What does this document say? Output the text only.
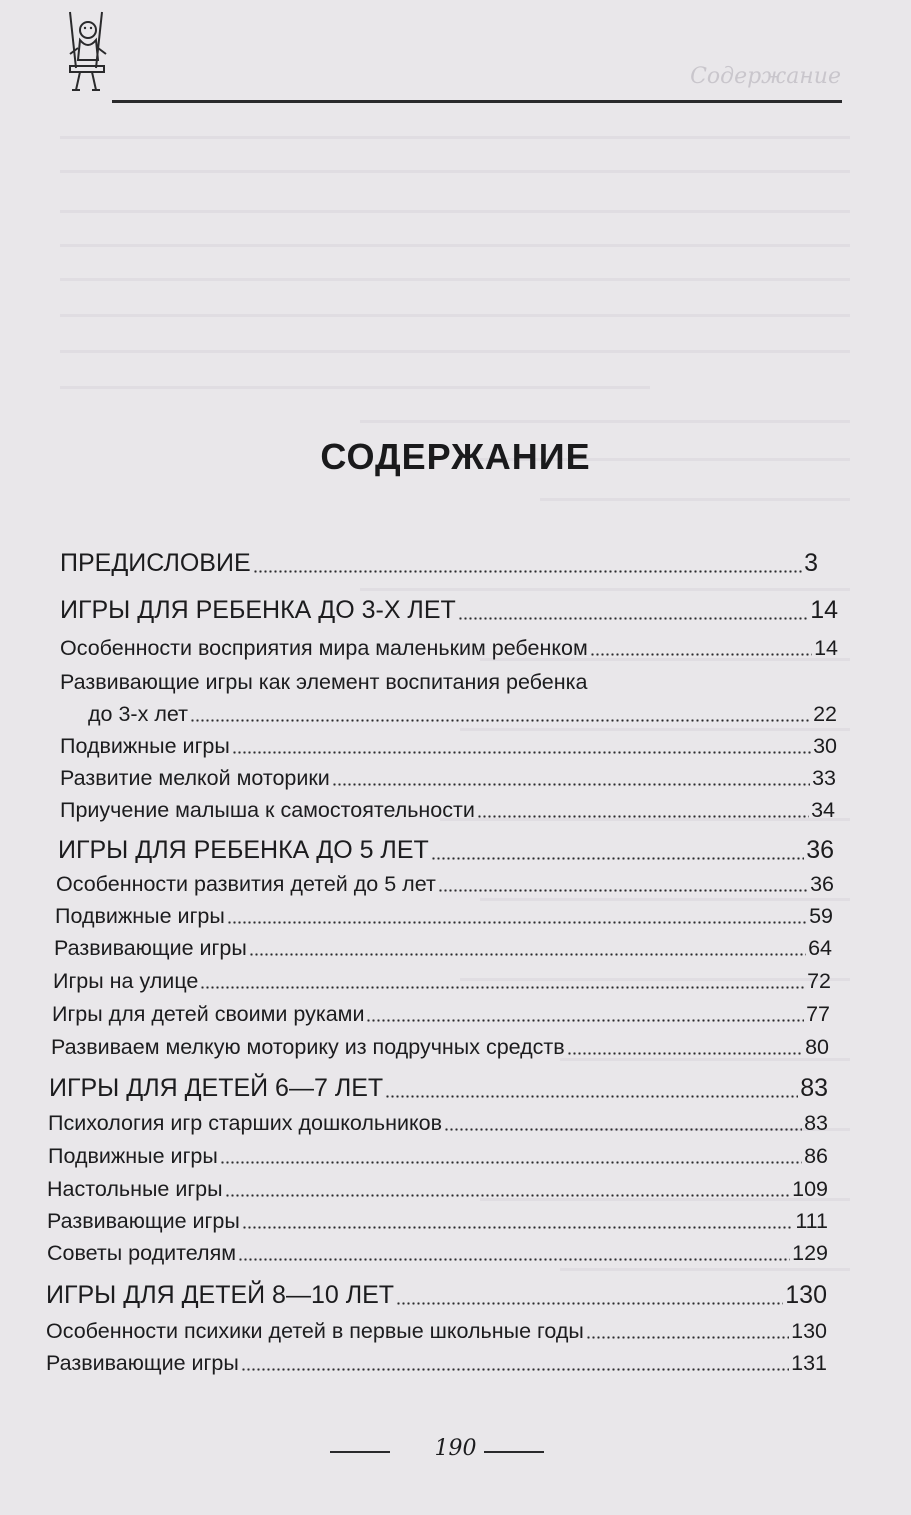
Содержание
СОДЕРЖАНИЕ
ПРЕДИСЛОВИЕ	3
ИГРЫ ДЛЯ РЕБЕНКА ДО 3-Х ЛЕТ	14
Особенности восприятия мира маленьким ребенком	14
Развивающие игры как элемент воспитания ребенка
до 3-х лет	22
Подвижные игры	30
Развитие мелкой моторики	33
Приучение малыша к самостоятельности	34
ИГРЫ ДЛЯ РЕБЕНКА ДО 5 ЛЕТ	36
Особенности развития детей до 5 лет	36
Подвижные игры	59
Развивающие игры	64
Игры на улице	72
Игры для детей своими руками	77
Развиваем мелкую моторику из подручных средств	80
ИГРЫ ДЛЯ ДЕТЕЙ 6—7 ЛЕТ	83
Психология игр старших дошкольников	83
Подвижные игры	86
Настольные игры	109
Развивающие игры	111
Советы родителям	129
ИГРЫ ДЛЯ ДЕТЕЙ 8—10 ЛЕТ	130
Особенности психики детей в первые школьные годы	130
Развивающие игры	131
190
